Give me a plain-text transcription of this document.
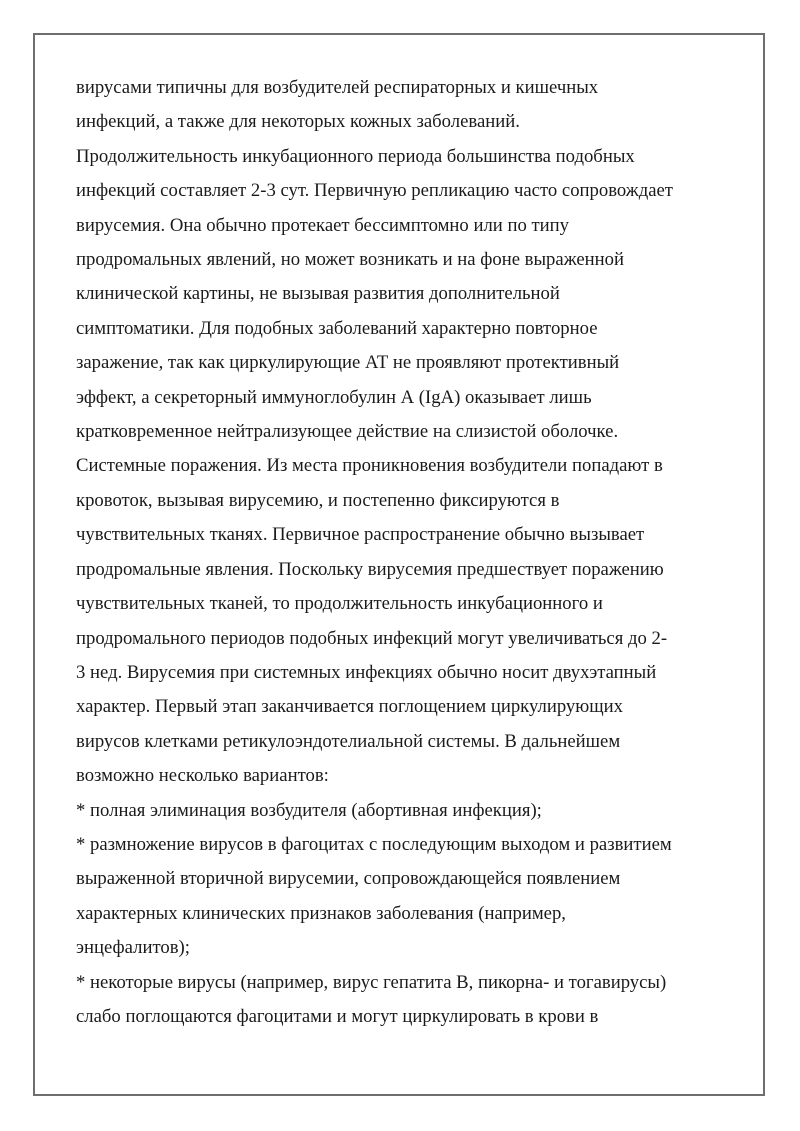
вирусами типичны для возбудителей респираторных и кишечных
инфекций, а также для некоторых кожных заболеваний.
Продолжительность инкубационного периода большинства подобных
инфекций составляет 2-3 сут. Первичную репликацию часто сопровождает
вирусемия. Она обычно протекает бессимптомно или по типу
продромальных явлений, но может возникать и на фоне выраженной
клинической картины, не вызывая развития дополнительной
симптоматики. Для подобных заболеваний характерно повторное
заражение, так как циркулирующие АТ не проявляют протективный
эффект, а секреторный иммуноглобулин А (IgA) оказывает лишь
кратковременное нейтрализующее действие на слизистой оболочке.
Системные поражения. Из места проникновения возбудители попадают в
кровоток, вызывая вирусемию, и постепенно фиксируются в
чувствительных тканях. Первичное распространение обычно вызывает
продромальные явления. Поскольку вирусемия предшествует поражению
чувствительных тканей, то продолжительность инкубационного и
продромального периодов подобных инфекций могут увеличиваться до 2-
3 нед. Вирусемия при системных инфекциях обычно носит двухэтапный
характер. Первый этап заканчивается поглощением циркулирующих
вирусов клетками ретикулоэндотелиальной системы. В дальнейшем
возможно несколько вариантов:
* полная элиминация возбудителя (абортивная инфекция);
* размножение вирусов в фагоцитах с последующим выходом и развитием
выраженной вторичной вирусемии, сопровождающейся появлением
характерных клинических признаков заболевания (например,
энцефалитов);
* некоторые вирусы (например, вирус гепатита В, пикорна- и тогавирусы)
слабо поглощаются фагоцитами и могут циркулировать в крови в
